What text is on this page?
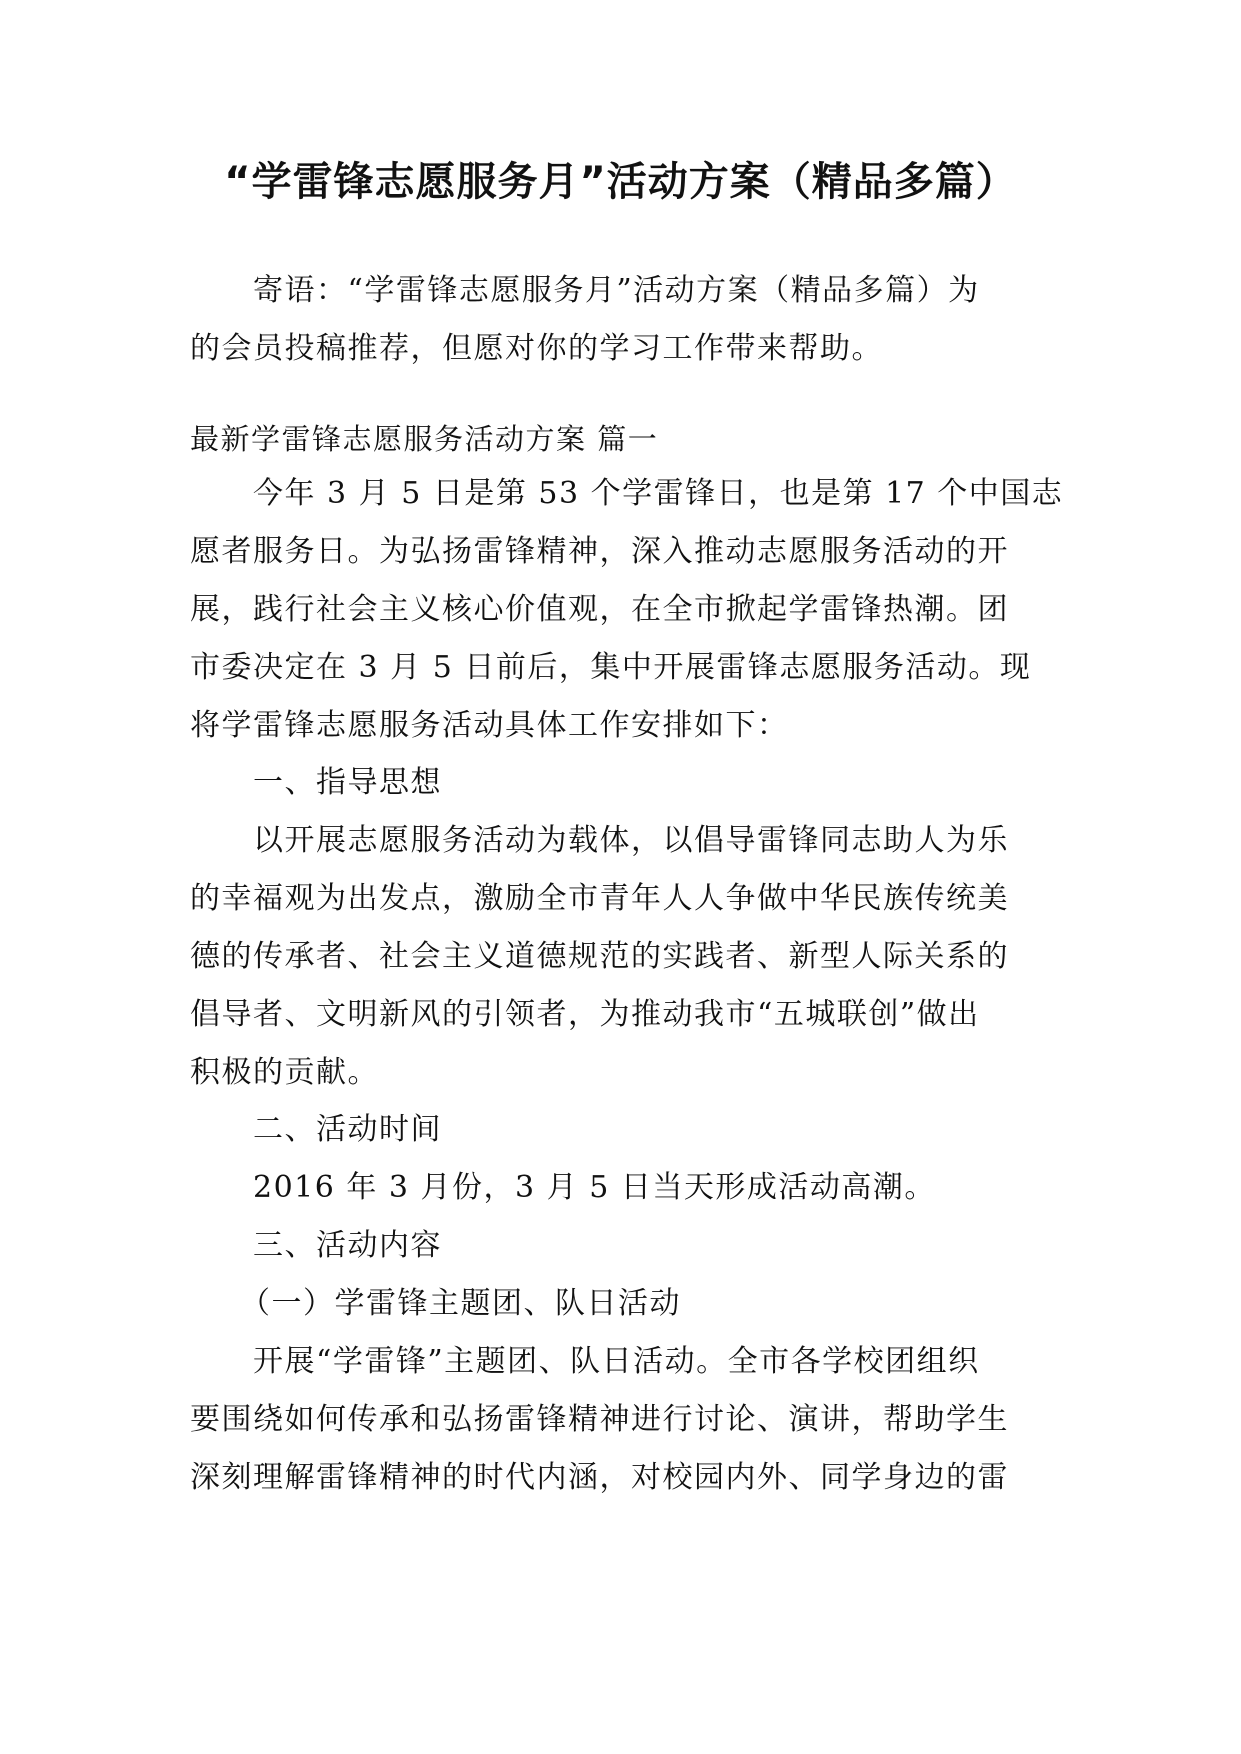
“学雷锋志愿服务月”活动方案（精品多篇）
寄语：“学雷锋志愿服务月”活动方案（精品多篇）为
的会员投稿推荐，但愿对你的学习工作带来帮助。
最新学雷锋志愿服务活动方案 篇一
今年 3 月 5 日是第 53 个学雷锋日，也是第 17 个中国志
愿者服务日。为弘扬雷锋精神，深入推动志愿服务活动的开
展，践行社会主义核心价值观，在全市掀起学雷锋热潮。团
市委决定在 3 月 5 日前后，集中开展雷锋志愿服务活动。现
将学雷锋志愿服务活动具体工作安排如下：
一、指导思想
以开展志愿服务活动为载体，以倡导雷锋同志助人为乐
的幸福观为出发点，激励全市青年人人争做中华民族传统美
德的传承者、社会主义道德规范的实践者、新型人际关系的
倡导者、文明新风的引领者，为推动我市“五城联创”做出
积极的贡献。
二、活动时间
2016 年 3 月份，3 月 5 日当天形成活动高潮。
三、活动内容
（一）学雷锋主题团、队日活动
开展“学雷锋”主题团、队日活动。全市各学校团组织
要围绕如何传承和弘扬雷锋精神进行讨论、演讲，帮助学生
深刻理解雷锋精神的时代内涵，对校园内外、同学身边的雷
